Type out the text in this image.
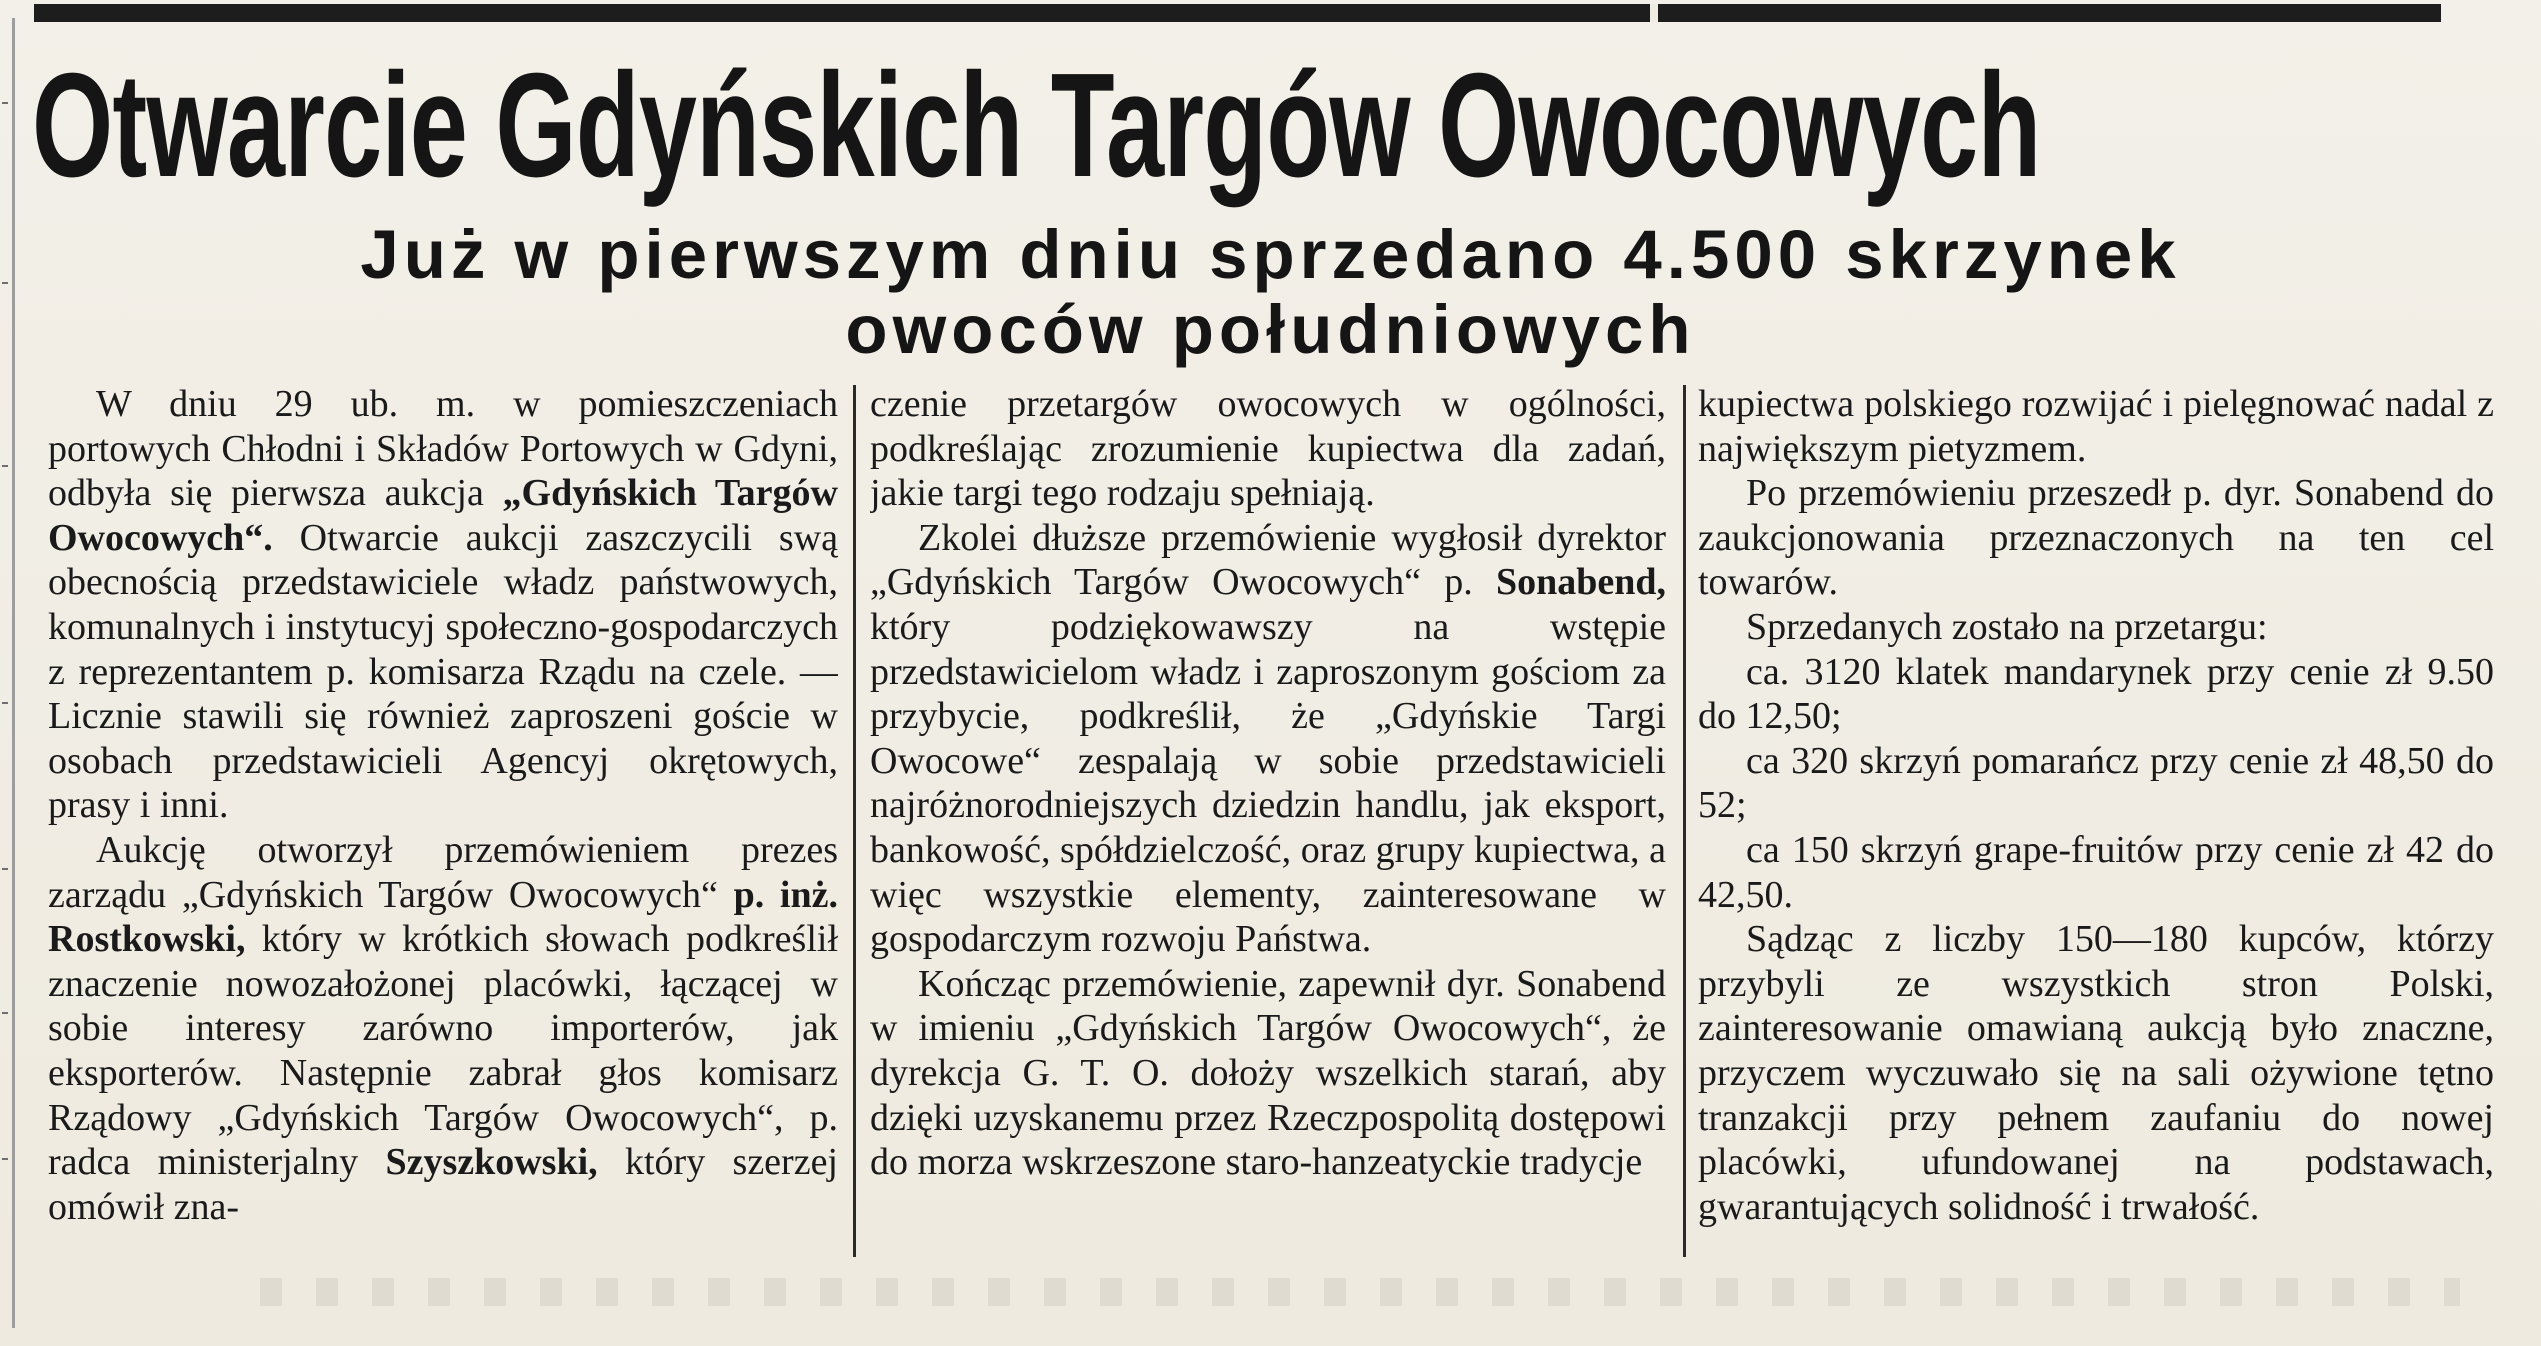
Otwarcie Gdyńskich Targów Owocowych
Już w pierwszym dniu sprzedano 4.500 skrzynek
owoców południowych

W dniu 29 ub. m. w pomieszczeniach portowych Chłodni i Składów Portowych w Gdyni, odbyła się pierwsza aukcja „Gdyńskich Targów Owocowych“. Otwarcie aukcji zaszczycili swą obecnością przedstawiciele władz państwowych, komunalnych i instytucyj społeczno-gospodarczych z reprezentantem p. komisarza Rządu na czele. — Licznie stawili się również zaproszeni goście w osobach przedstawicieli Agencyj okrętowych, prasy i inni.

Aukcję otworzył przemówieniem prezes zarządu „Gdyńskich Targów Owocowych“ p. inż. Rostkowski, który w krótkich słowach podkreślił znaczenie nowozałożonej placówki, łączącej w sobie interesy zarówno importerów, jak eksporterów. Następnie zabrał głos komisarz Rządowy „Gdyńskich Targów Owocowych“, p. radca ministerjalny Szyszkowski, który szerzej omówił zna-

czenie przetargów owocowych w ogólności, podkreślając zrozumienie kupiectwa dla zadań, jakie targi tego rodzaju spełniają.

Zkolei dłuższe przemówienie wygłosił dyrektor „Gdyńskich Targów Owocowych“ p. Sonabend, który podziękowawszy na wstępie przedstawicielom władz i zaproszonym gościom za przybycie, podkreślił, że „Gdyńskie Targi Owocowe“ zespalają w sobie przedstawicieli najróżnorodniejszych dziedzin handlu, jak eksport, bankowość, spółdzielczość, oraz grupy kupiectwa, a więc wszystkie elementy, zainteresowane w gospodarczym rozwoju Państwa.

Kończąc przemówienie, zapewnił dyr. Sonabend w imieniu „Gdyńskich Targów Owocowych“, że dyrekcja G. T. O. dołoży wszelkich starań, aby dzięki uzyskanemu przez Rzeczpospolitą dostępowi do morza wskrzeszone staro-hanzeatyckie tradycje

kupiectwa polskiego rozwijać i pielęgnować nadal z największym pietyzmem.

Po przemówieniu przeszedł p. dyr. Sonabend do zaukcjonowania przeznaczonych na ten cel towarów.

Sprzedanych zostało na przetargu:

ca. 3120 klatek mandarynek przy cenie zł 9.50 do 12,50;

ca 320 skrzyń pomarańcz przy cenie zł 48,50 do 52;

ca 150 skrzyń grape-fruitów przy cenie zł 42 do 42,50.

Sądząc z liczby 150—180 kupców, którzy przybyli ze wszystkich stron Polski, zainteresowanie omawianą aukcją było znaczne, przyczem wyczuwało się na sali ożywione tętno tranzakcji przy pełnem zaufaniu do nowej placówki, ufundowanej na podstawach, gwarantujących solidność i trwałość.
